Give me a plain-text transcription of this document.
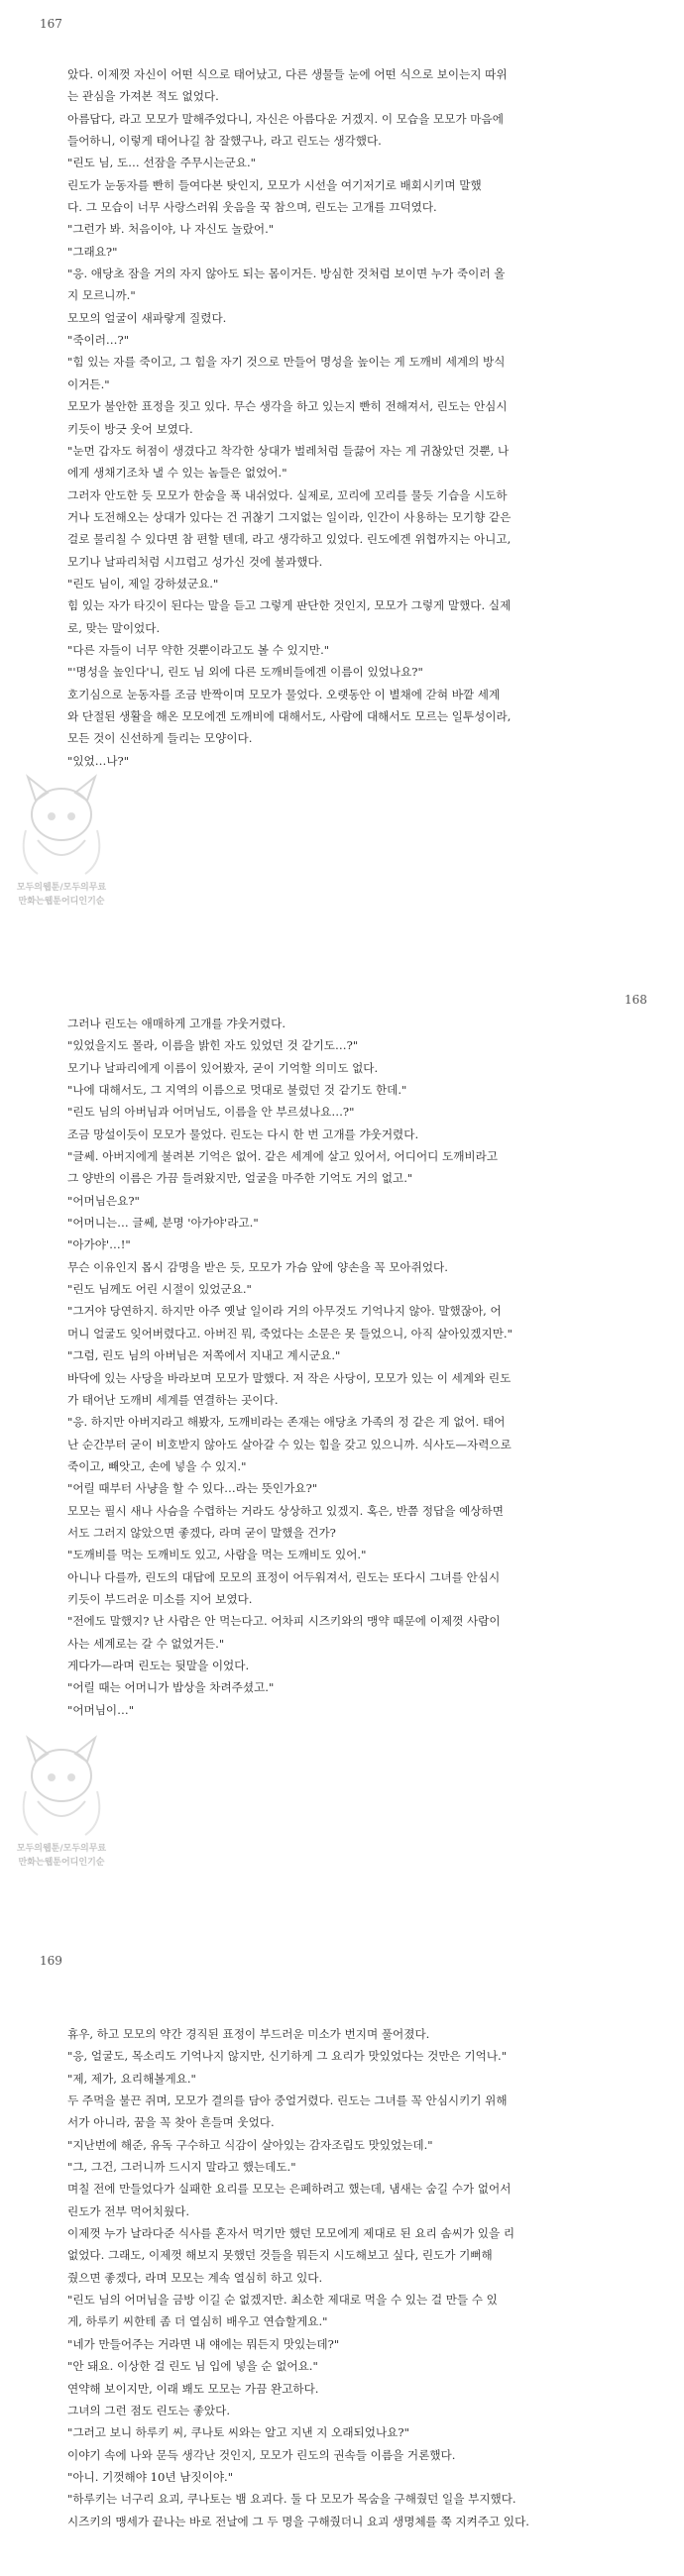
167
았다. 이제껏 자신이 어떤 식으로 태어났고, 다른 생물들 눈에 어떤 식으로 보이는지 따위
는 관심을 가져본 적도 없었다.
아름답다, 라고 모모가 말해주었다니, 자신은 아름다운 거겠지. 이 모습을 모모가 마음에
들어하니, 이렇게 태어나길 참 잘했구나, 라고 린도는 생각했다.
"린도 님, 도… 선잠을 주무시는군요."
린도가 눈동자를 빤히 들여다본 탓인지, 모모가 시선을 여기저기로 배회시키며 말했
다. 그 모습이 너무 사랑스러워 웃음을 꾹 참으며, 린도는 고개를 끄덕였다.
"그런가 봐. 처음이야, 나 자신도 놀랐어."
"그래요?"
"응. 애당초 잠을 거의 자지 않아도 되는 몸이거든. 방심한 것처럼 보이면 누가 죽이러 올
지 모르니까."
모모의 얼굴이 새파랗게 질렸다.
"죽이러…?"
"힘 있는 자를 죽이고, 그 힘을 자기 것으로 만들어 명성을 높이는 게 도깨비 세계의 방식
이거든."
모모가 불안한 표정을 짓고 있다. 무슨 생각을 하고 있는지 빤히 전해져서, 린도는 안심시
키듯이 방긋 웃어 보였다.
"눈먼 갑자도 허점이 생겼다고 착각한 상대가 벌레처럼 들끓어 자는 게 귀찮았던 것뿐, 나
에게 생채기조차 낼 수 있는 놈들은 없었어."
그러자 안도한 듯 모모가 한숨을 푹 내쉬었다. 실제로, 꼬리에 꼬리를 물듯 기습을 시도하
거나 도전해오는 상대가 있다는 건 귀찮기 그지없는 일이라, 인간이 사용하는 모기향 같은
걸로 물리칠 수 있다면 참 편할 텐데, 라고 생각하고 있었다. 린도에겐 위협까지는 아니고,
모기나 날파리처럼 시끄럽고 성가신 것에 불과했다.
"린도 님이, 제일 강하셨군요."
힘 있는 자가 타깃이 된다는 말을 듣고 그렇게 판단한 것인지, 모모가 그렇게 말했다. 실제
로, 맞는 말이었다.
"다른 자들이 너무 약한 것뿐이라고도 볼 수 있지만."
"'명성을 높인다'니, 린도 님 외에 다른 도깨비들에겐 이름이 있었나요?"
호기심으로 눈동자를 조금 반짝이며 모모가 물었다. 오랫동안 이 별채에 갇혀 바깥 세계
와 단절된 생활을 해온 모모에겐 도깨비에 대해서도, 사람에 대해서도 모르는 일투성이라,
모든 것이 신선하게 들리는 모양이다.
"있었…나?"
모두의웹툰/모두의무료
만화는웹툰어디인기순
168
그러나 린도는 애매하게 고개를 갸웃거렸다.
"있었을지도 몰라, 이름을 밝힌 자도 있었던 것 같기도…?"
모기나 날파리에게 이름이 있어봤자, 굳이 기억할 의미도 없다.
"나에 대해서도, 그 지역의 이름으로 멋대로 불렀던 것 같기도 한데."
"린도 님의 아버님과 어머님도, 이름을 안 부르셨나요…?"
조금 망설이듯이 모모가 물었다. 린도는 다시 한 번 고개를 갸웃거렸다.
"글쎄. 아버지에게 불려본 기억은 없어. 같은 세계에 살고 있어서, 어디어디 도깨비라고
그 양반의 이름은 가끔 들려왔지만, 얼굴을 마주한 기억도 거의 없고."
"어머님은요?"
"어머니는… 글쎄, 분명 '아가야'라고."
"아가야'…!"
무슨 이유인지 몹시 감명을 받은 듯, 모모가 가슴 앞에 양손을 꼭 모아쥐었다.
"린도 님께도 어린 시절이 있었군요."
"그거야 당연하지. 하지만 아주 옛날 일이라 거의 아무것도 기억나지 않아. 말했잖아, 어
머니 얼굴도 잊어버렸다고. 아버진 뭐, 죽었다는 소문은 못 들었으니, 아직 살아있겠지만."
"그럼, 린도 님의 아버님은 저쪽에서 지내고 계시군요."
바닥에 있는 사당을 바라보며 모모가 말했다. 저 작은 사당이, 모모가 있는 이 세계와 린도
가 태어난 도깨비 세계를 연결하는 곳이다.
"응. 하지만 아버지라고 해봤자, 도깨비라는 존재는 애당초 가족의 정 같은 게 없어. 태어
난 순간부터 굳이 비호받지 않아도 살아갈 수 있는 힘을 갖고 있으니까. 식사도—자력으로
죽이고, 빼앗고, 손에 넣을 수 있지."
"어릴 때부터 사냥을 할 수 있다…라는 뜻인가요?"
모모는 필시 새나 사슴을 수렵하는 거라도 상상하고 있겠지. 혹은, 반쯤 정답을 예상하면
서도 그러지 않았으면 좋겠다, 라며 굳이 말했을 건가?
"도깨비를 먹는 도깨비도 있고, 사람을 먹는 도깨비도 있어."
아니나 다를까, 린도의 대답에 모모의 표정이 어두워져서, 린도는 또다시 그녀를 안심시
키듯이 부드러운 미소를 지어 보였다.
"전에도 말했지? 난 사람은 안 먹는다고. 어차피 시즈키와의 맹약 때문에 이제껏 사람이
사는 세계로는 갈 수 없었거든."
게다가—라며 린도는 뒷말을 이었다.
"어릴 때는 어머니가 밥상을 차려주셨고."
"어머님이…"
모두의웹툰/모두의무료
만화는웹툰어디인기순
169
휴우, 하고 모모의 약간 경직된 표정이 부드러운 미소가 번지며 풀어졌다.
"응, 얼굴도, 목소리도 기억나지 않지만, 신기하게 그 요리가 맛있었다는 것만은 기억나."
"제, 제가, 요리해볼게요."
두 주먹을 불끈 쥐며, 모모가 결의를 담아 중얼거렸다. 린도는 그녀를 꼭 안심시키기 위해
서가 아니라, 꿈을 꼭 찾아 흔들며 웃었다.
"지난번에 해준, 유독 구수하고 식감이 살아있는 감자조림도 맛있었는데."
"그, 그건, 그러니까 드시지 말라고 했는데도."
며칠 전에 만들었다가 실패한 요리를 모모는 은폐하려고 했는데, 냄새는 숨길 수가 없어서
린도가 전부 먹어치웠다.
이제껏 누가 날라다준 식사를 혼자서 먹기만 했던 모모에게 제대로 된 요리 솜씨가 있을 리
없었다. 그래도, 이제껏 해보지 못했던 것들을 뭐든지 시도해보고 싶다, 린도가 기뻐해
줬으면 좋겠다, 라며 모모는 계속 열심히 하고 있다.
"린도 님의 어머님을 금방 이길 순 없겠지만. 최소한 제대로 먹을 수 있는 걸 만들 수 있
게, 하루키 씨한테 좀 더 열심히 배우고 연습할게요."
"네가 만들어주는 거라면 내 얘에는 뭐든지 맛있는데?"
"안 돼요. 이상한 걸 린도 님 입에 넣을 순 없어요."
연약해 보이지만, 이래 봬도 모모는 가끔 완고하다.
그녀의 그런 점도 린도는 좋았다.
"그러고 보니 하루키 씨, 쿠나토 씨와는 알고 지낸 지 오래되었나요?"
이야기 속에 나와 문득 생각난 것인지, 모모가 린도의 권속들 이름을 거론했다.
"아니. 기껏해야 10년 남짓이야."
"하루키는 너구리 요괴, 쿠나토는 뱀 요괴다. 둘 다 모모가 목숨을 구해줬던 일을 부지했다.
시즈키의 맹세가 끝나는 바로 전날에 그 두 명을 구해줬더니 요괴 생명체를 쭉 지켜주고 있다.
